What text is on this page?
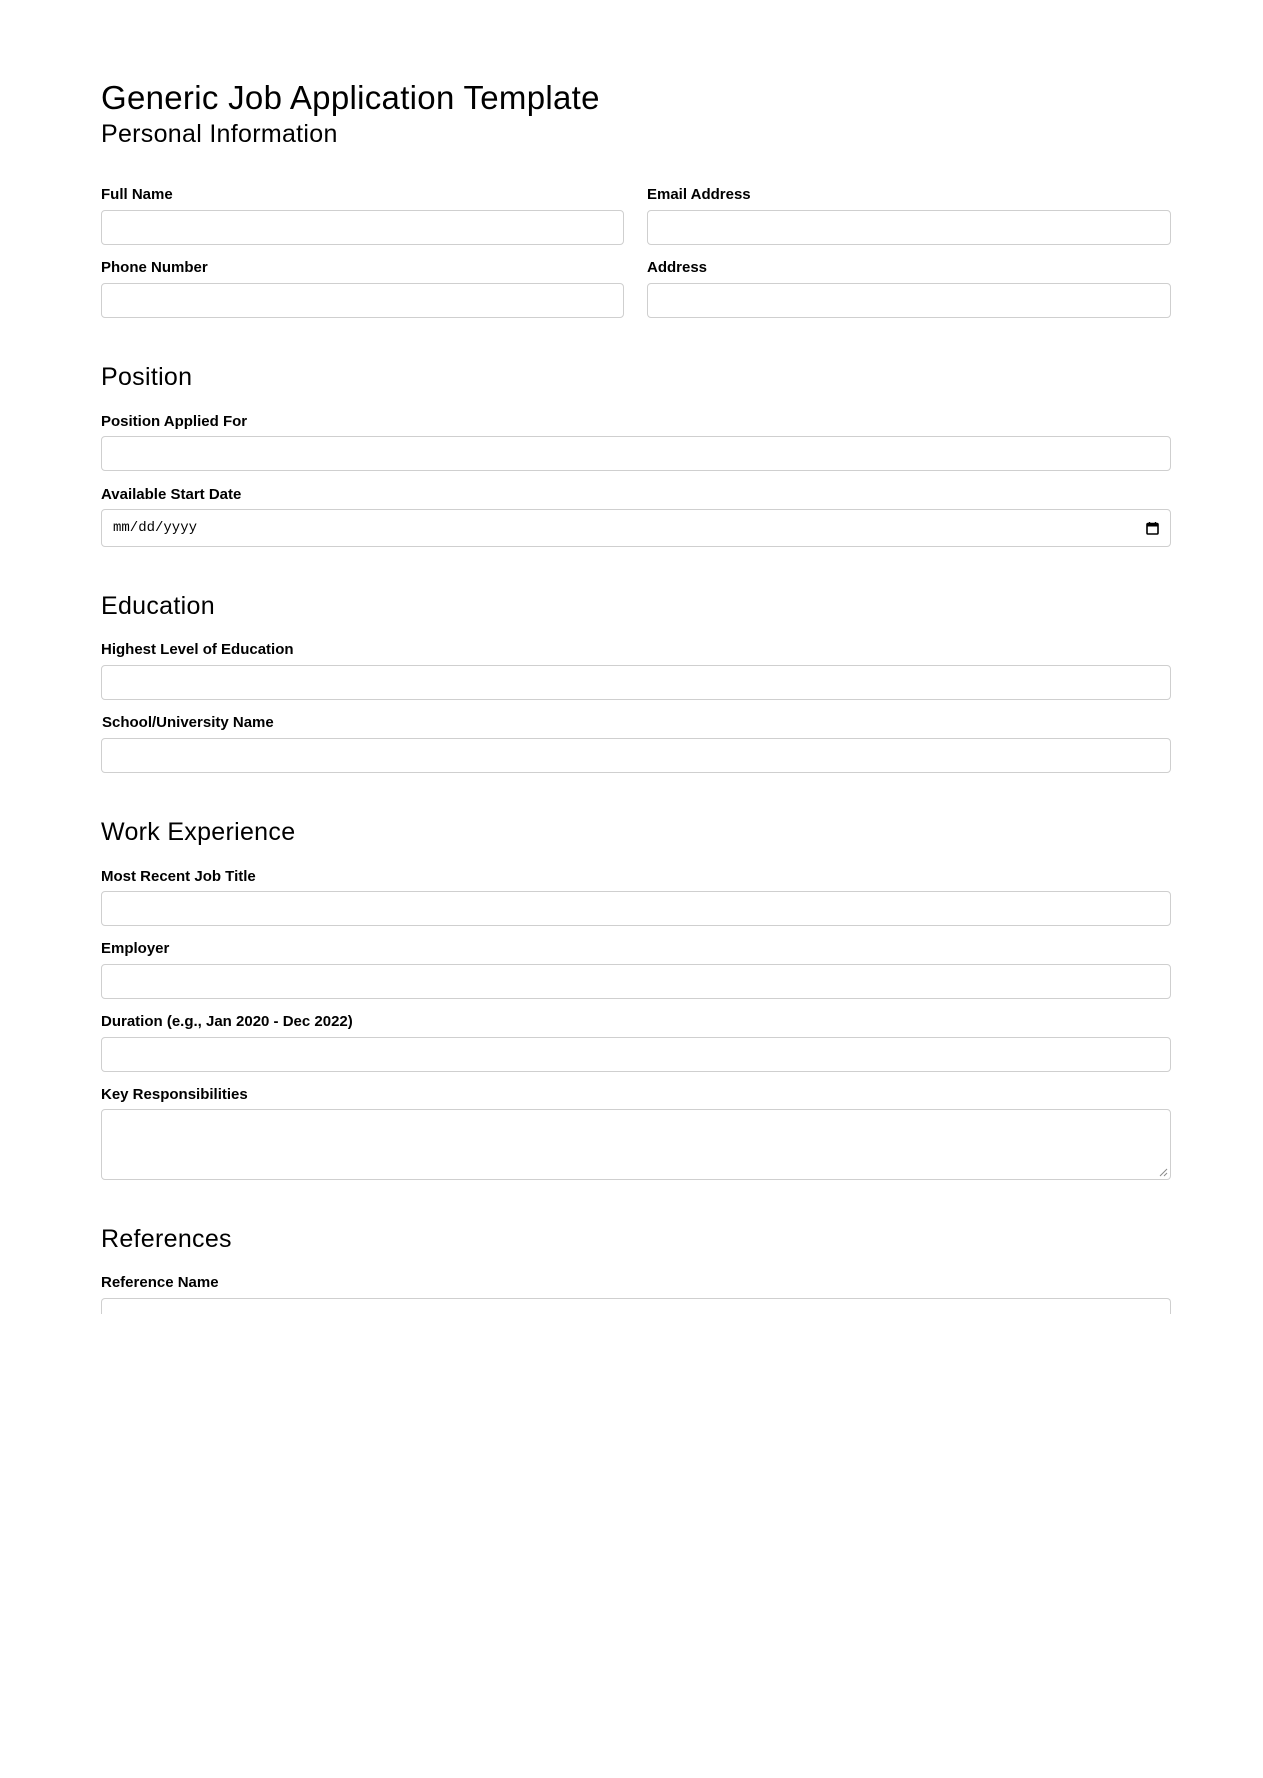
Generic Job Application Template
Personal Information
Full Name	Email Address
Phone Number	Address
Position
Position Applied For
Available Start Date
mm/dd/yyyy
Education
Highest Level of Education
School/University Name
Work Experience
Most Recent Job Title
Employer
Duration (e.g., Jan 2020 - Dec 2022)
Key Responsibilities
References
Reference Name
